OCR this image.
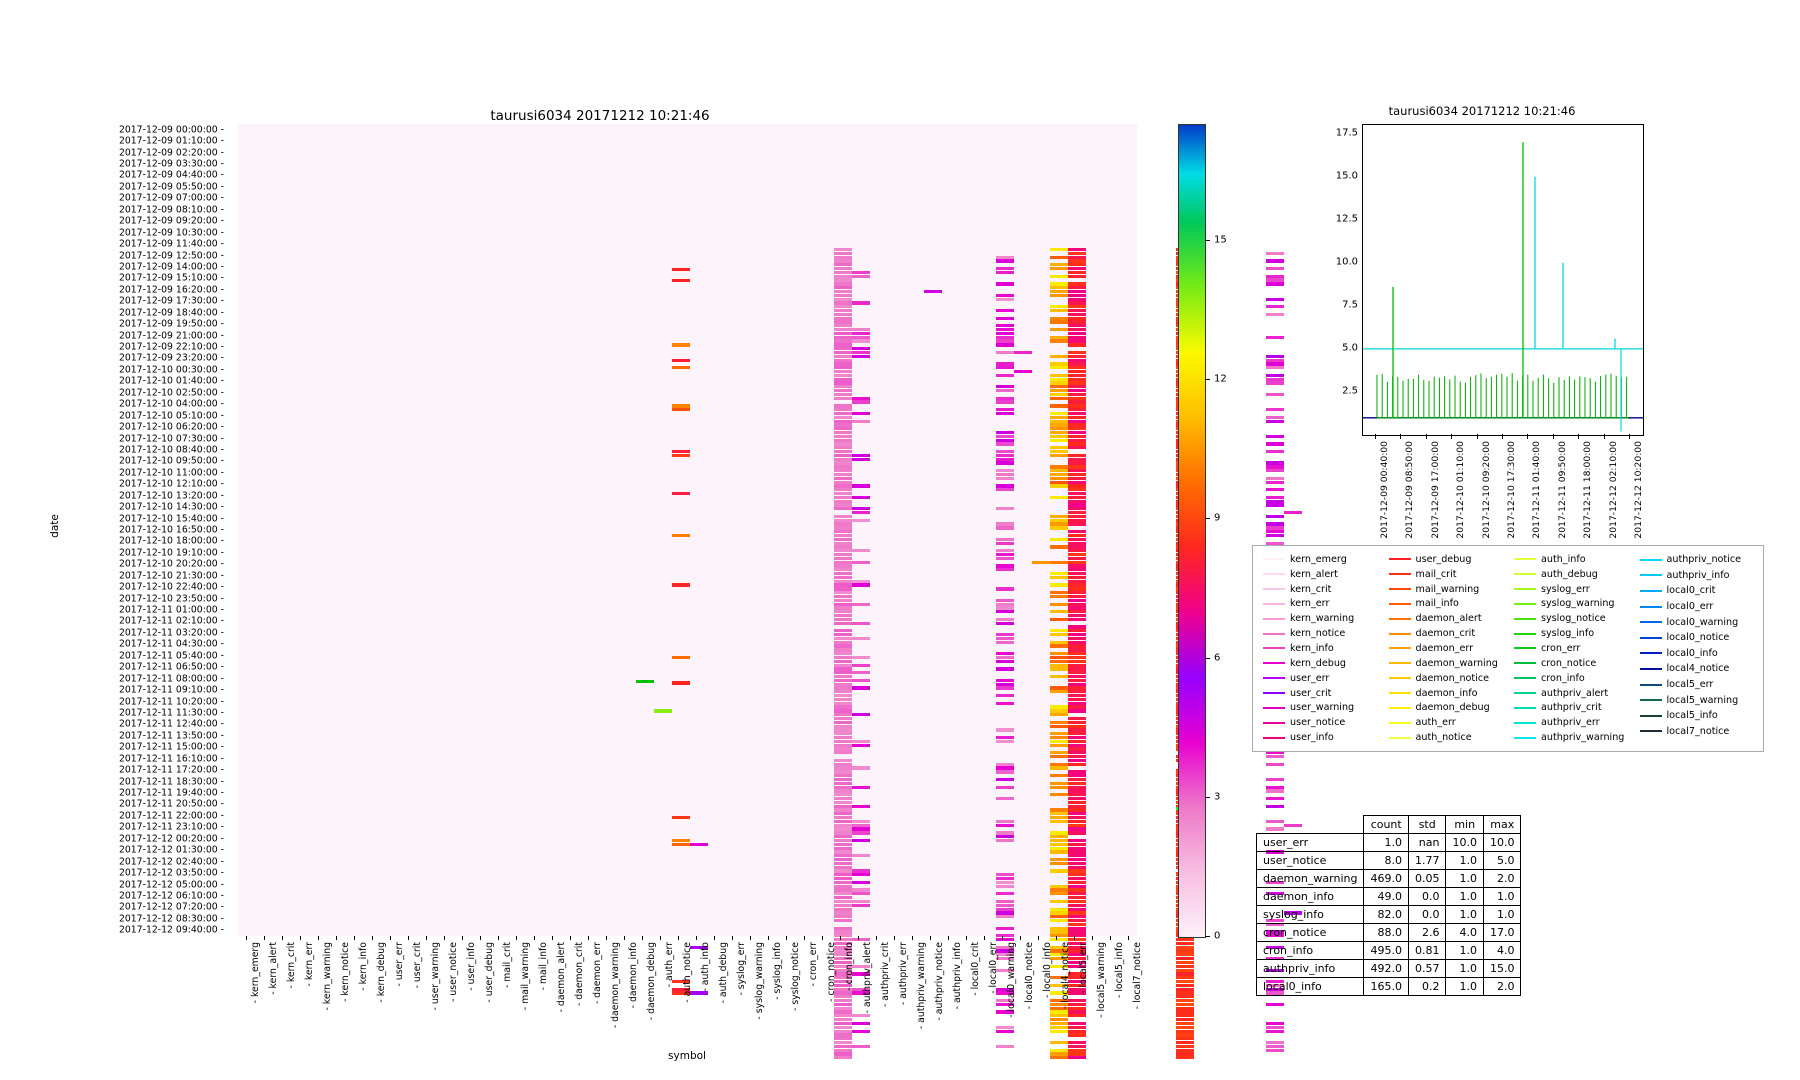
taurusi6034 20171212 10:21:46
2017-12-09 00:00:00 -
2017-12-09 01:10:00 -
2017-12-09 02:20:00 -
2017-12-09 03:30:00 -
2017-12-09 04:40:00 -
2017-12-09 05:50:00 -
2017-12-09 07:00:00 -
2017-12-09 08:10:00 -
2017-12-09 09:20:00 -
2017-12-09 10:30:00 -
2017-12-09 11:40:00 -
2017-12-09 12:50:00 -
2017-12-09 14:00:00 -
2017-12-09 15:10:00 -
2017-12-09 16:20:00 -
2017-12-09 17:30:00 -
2017-12-09 18:40:00 -
2017-12-09 19:50:00 -
2017-12-09 21:00:00 -
2017-12-09 22:10:00 -
2017-12-09 23:20:00 -
2017-12-10 00:30:00 -
2017-12-10 01:40:00 -
2017-12-10 02:50:00 -
2017-12-10 04:00:00 -
2017-12-10 05:10:00 -
2017-12-10 06:20:00 -
2017-12-10 07:30:00 -
2017-12-10 08:40:00 -
2017-12-10 09:50:00 -
2017-12-10 11:00:00 -
2017-12-10 12:10:00 -
2017-12-10 13:20:00 -
2017-12-10 14:30:00 -
2017-12-10 15:40:00 -
2017-12-10 16:50:00 -
2017-12-10 18:00:00 -
2017-12-10 19:10:00 -
2017-12-10 20:20:00 -
2017-12-10 21:30:00 -
2017-12-10 22:40:00 -
2017-12-10 23:50:00 -
2017-12-11 01:00:00 -
2017-12-11 02:10:00 -
2017-12-11 03:20:00 -
2017-12-11 04:30:00 -
2017-12-11 05:40:00 -
2017-12-11 06:50:00 -
2017-12-11 08:00:00 -
2017-12-11 09:10:00 -
2017-12-11 10:20:00 -
2017-12-11 11:30:00 -
2017-12-11 12:40:00 -
2017-12-11 13:50:00 -
2017-12-11 15:00:00 -
2017-12-11 16:10:00 -
2017-12-11 17:20:00 -
2017-12-11 18:30:00 -
2017-12-11 19:40:00 -
2017-12-11 20:50:00 -
2017-12-11 22:00:00 -
2017-12-11 23:10:00 -
2017-12-12 00:20:00 -
2017-12-12 01:30:00 -
2017-12-12 02:40:00 -
2017-12-12 03:50:00 -
2017-12-12 05:00:00 -
2017-12-12 06:10:00 -
2017-12-12 07:20:00 -
2017-12-12 08:30:00 -
2017-12-12 09:40:00 -
- kern_emerg - kern_alert - kern_crit - kern_err - kern_warning - kern_notice - kern_info - kern_debug - user_err - user_crit - user_warning - user_notice - user_info - user_debug - mail_crit - mail_warning - mail_info - daemon_alert - daemon_crit - daemon_err - daemon_warning - daemon_info - daemon_debug - auth_err - auth_notice - auth_info - auth_debug - syslog_err - syslog_warning - syslog_info - syslog_notice - cron_err - cron_notice - cron_info - authpriv_alert - authpriv_crit - authpriv_err - authpriv_warning - authpriv_notice - authpriv_info - local0_crit - local0_err - local0_warning - local0_notice - local0_info - local4_notice - local5_err - local5_warning - local5_info - local7_notice
symbol
date
0
3
6
9
12
15
taurusi6034 20171212 10:21:46
2.5
5.0
7.5
10.0
12.5
15.0
17.5
2017-12-09 00:40:00 2017-12-09 08:50:00 2017-12-09 17:00:00 2017-12-10 01:10:00 2017-12-10 09:20:00 2017-12-10 17:30:00 2017-12-11 01:40:00 2017-12-11 09:50:00 2017-12-11 18:00:00 2017-12-12 02:10:00 2017-12-12 10:20:00
kern_emerg
kern_alert
kern_crit
kern_err
kern_warning
kern_notice
kern_info
kern_debug
user_err
user_crit
user_warning
user_notice
user_info
user_debug
mail_crit
mail_warning
mail_info
daemon_alert
daemon_crit
daemon_err
daemon_warning
daemon_notice
daemon_info
daemon_debug
auth_err
auth_notice
auth_info
auth_debug
syslog_err
syslog_warning
syslog_notice
syslog_info
cron_err
cron_notice
cron_info
authpriv_alert
authpriv_crit
authpriv_err
authpriv_warning
authpriv_notice
authpriv_info
local0_crit
local0_err
local0_warning
local0_notice
local0_info
local4_notice
local5_err
local5_warning
local5_info
local7_notice
	count	std	min	max
user_err	1.0	nan	10.0	10.0
user_notice	8.0	1.77	1.0	5.0
daemon_warning	469.0	0.05	1.0	2.0
daemon_info	49.0	0.0	1.0	1.0
syslog_info	82.0	0.0	1.0	1.0
cron_notice	88.0	2.6	4.0	17.0
cron_info	495.0	0.81	1.0	4.0
authpriv_info	492.0	0.57	1.0	15.0
local0_info	165.0	0.2	1.0	2.0
